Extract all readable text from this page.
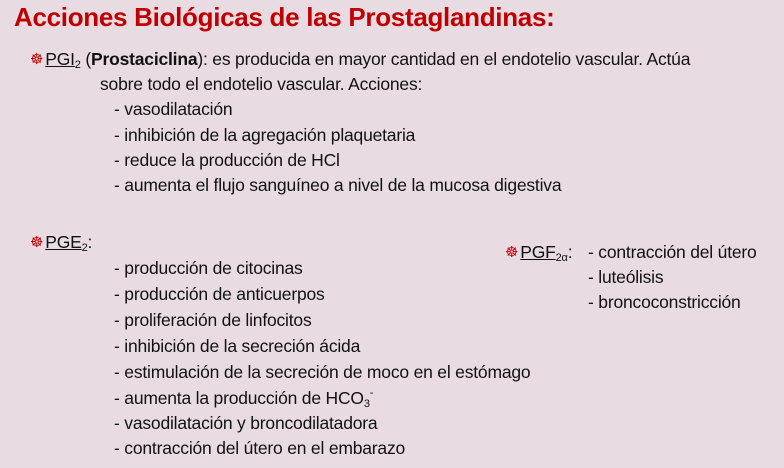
Acciones Biológicas de las Prostaglandinas:
☸ $PGI_2$ (Prostaciclina): es producida en mayor cantidad en el endotelio vascular. Actúa
sobre todo el endotelio vascular. Acciones:
- vasodilatación
- inhibición de la agregación plaquetaria
- reduce la producción de HCl
- aumenta el flujo sanguíneo a nivel de la mucosa digestiva
☸ $PGE_2$:
- producción de citocinas
- producción de anticuerpos
- proliferación de linfocitos
- inhibición de la secreción ácida
- estimulación de la secreción de moco en el estómago
- aumenta la producción de $HCO_3^-$
- vasodilatación y broncodilatadora
- contracción del útero en el embarazo
☸ $PGF_{2\alpha}$: - contracción del útero
- luteólisis
- broncoconstricción
